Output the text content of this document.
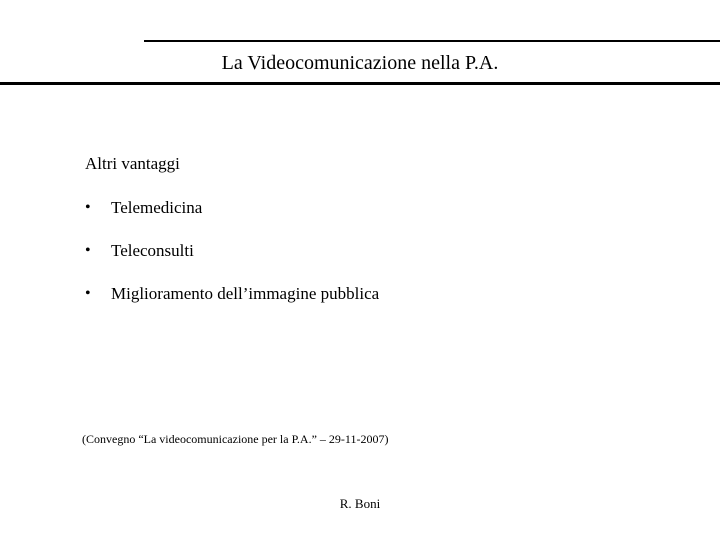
La Videocomunicazione nella P.A.
Altri vantaggi
• Telemedicina
• Teleconsulti
• Miglioramento dell’immagine pubblica
(Convegno “La videocomunicazione per la P.A.” – 29-11-2007)
R. Boni
